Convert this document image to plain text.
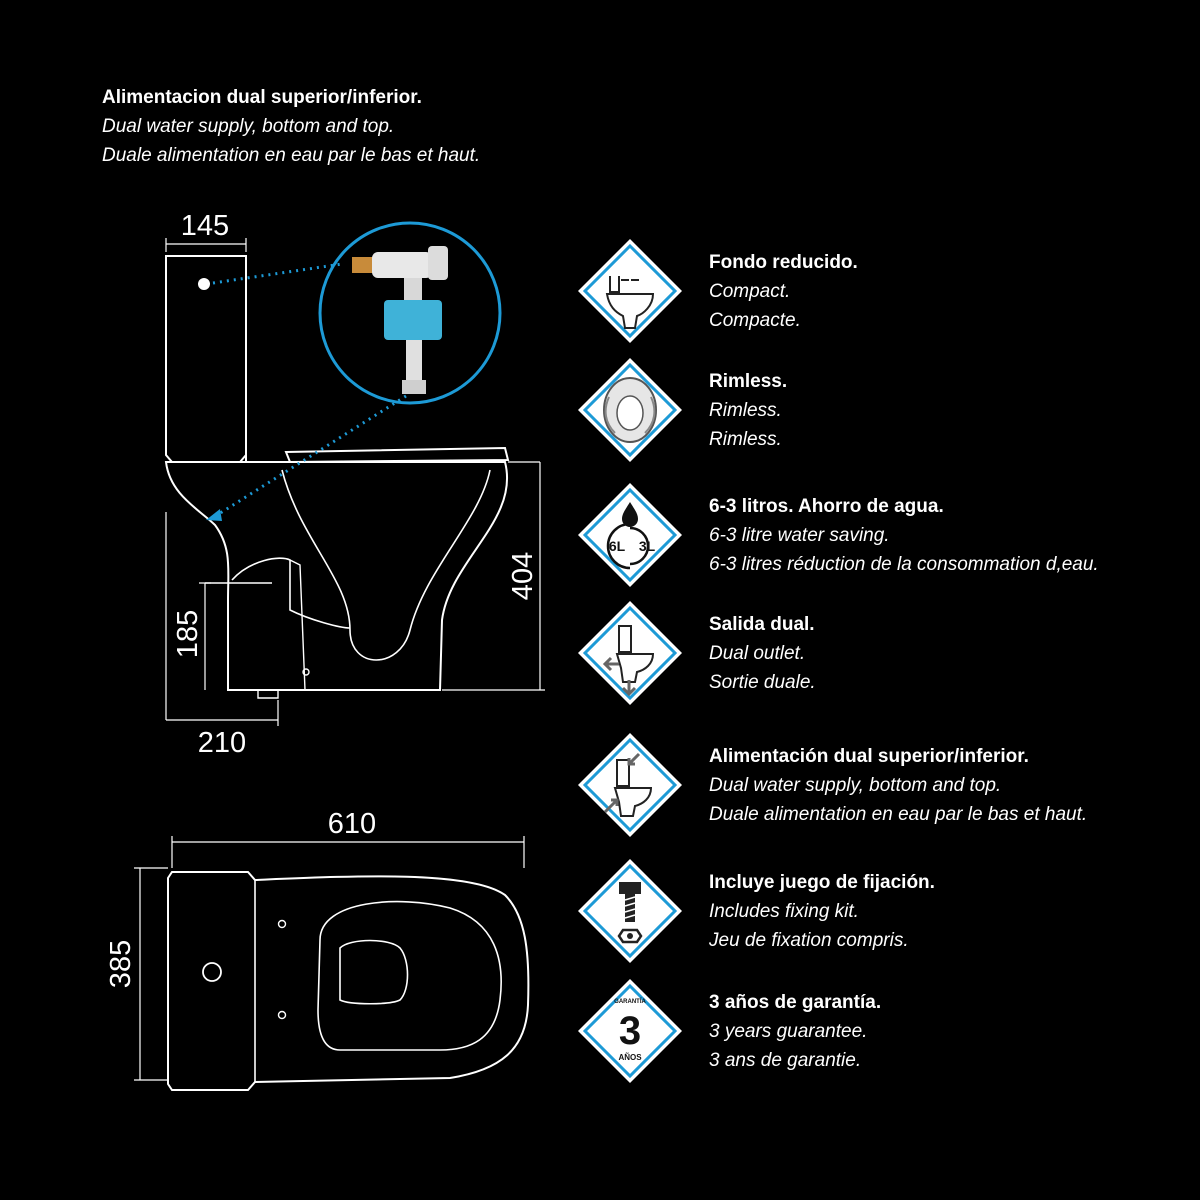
Alimentacion dual superior/inferior.
Dual water supply, bottom and top.
Duale alimentation en eau par le bas et haut.
145
404
185
210
610
385
Fondo reducido.
Compact.
Compacte.
Rimless.
Rimless.
Rimless.
6L 3L
6-3 litros. Ahorro de agua.
6-3 litre water saving.
6-3 litres réduction de la consommation d,eau.
Salida dual.
Dual outlet.
Sortie duale.
Alimentación dual superior/inferior.
Dual water supply, bottom and top.
Duale alimentation en eau par le bas et haut.
Incluye juego de fijación.
Includes fixing kit.
Jeu de fixation compris.
GARANTÍA
3
AÑOS
3 años de garantía.
3 years guarantee.
3 ans de garantie.
